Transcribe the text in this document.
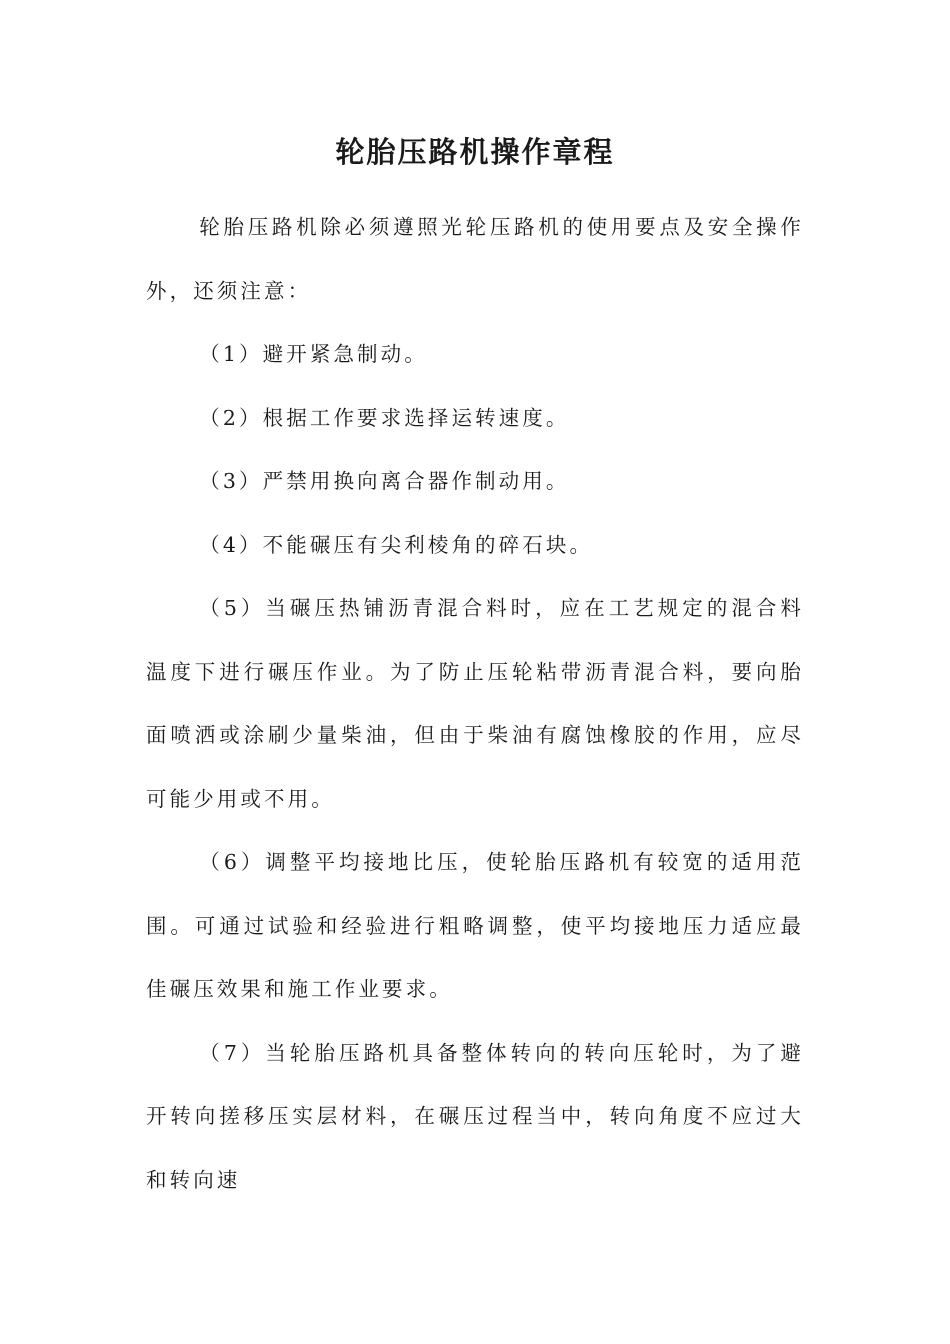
轮胎压路机操作章程

轮胎压路机除必须遵照光轮压路机的使用要点及安全操作外，还须注意：

（1）避开紧急制动。

（2）根据工作要求选择运转速度。

（3）严禁用换向离合器作制动用。

（4）不能碾压有尖利棱角的碎石块。

（5）当碾压热铺沥青混合料时，应在工艺规定的混合料温度下进行碾压作业。为了防止压轮粘带沥青混合料，要向胎面喷洒或涂刷少量柴油，但由于柴油有腐蚀橡胶的作用，应尽可能少用或不用。

（6）调整平均接地比压，使轮胎压路机有较宽的适用范围。可通过试验和经验进行粗略调整，使平均接地压力适应最佳碾压效果和施工作业要求。

（7）当轮胎压路机具备整体转向的转向压轮时，为了避开转向搓移压实层材料，在碾压过程当中，转向角度不应过大和转向速
